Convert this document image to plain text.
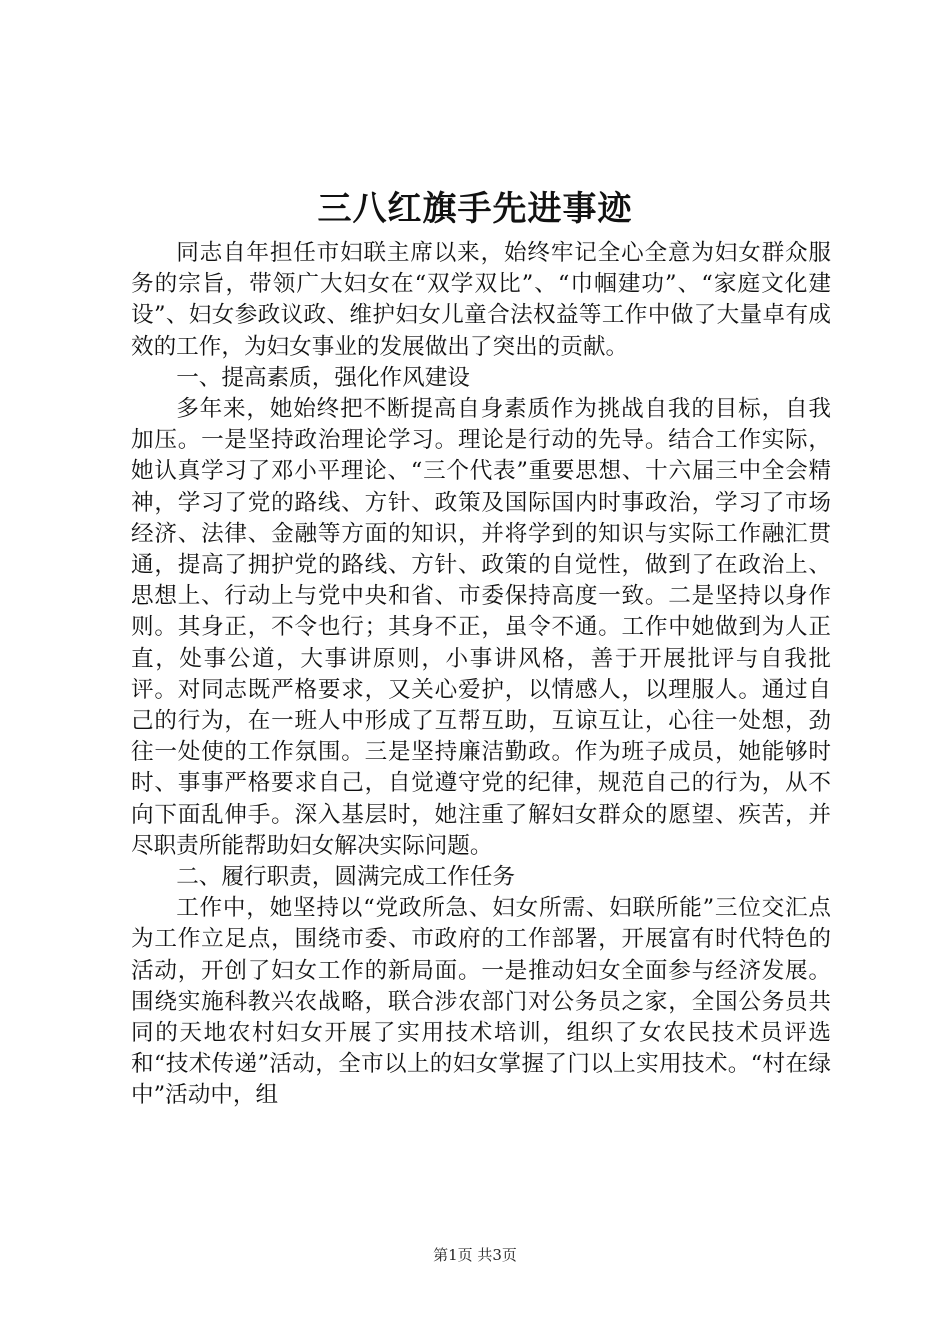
三八红旗手先进事迹

同志自年担任市妇联主席以来，始终牢记全心全意为妇女群众服务的宗旨，带领广大妇女在“双学双比”、“巾帼建功”、“家庭文化建设”、妇女参政议政、维护妇女儿童合法权益等工作中做了大量卓有成效的工作，为妇女事业的发展做出了突出的贡献。

一、提高素质，强化作风建设

多年来，她始终把不断提高自身素质作为挑战自我的目标，自我加压。一是坚持政治理论学习。理论是行动的先导。结合工作实际，她认真学习了邓小平理论、“三个代表”重要思想、十六届三中全会精神，学习了党的路线、方针、政策及国际国内时事政治，学习了市场经济、法律、金融等方面的知识，并将学到的知识与实际工作融汇贯通，提高了拥护党的路线、方针、政策的自觉性，做到了在政治上、思想上、行动上与党中央和省、市委保持高度一致。二是坚持以身作则。其身正，不令也行；其身不正，虽令不通。工作中她做到为人正直，处事公道，大事讲原则，小事讲风格，善于开展批评与自我批评。对同志既严格要求，又关心爱护，以情感人，以理服人。通过自己的行为，在一班人中形成了互帮互助，互谅互让，心往一处想，劲往一处使的工作氛围。三是坚持廉洁勤政。作为班子成员，她能够时时、事事严格要求自己，自觉遵守党的纪律，规范自己的行为，从不向下面乱伸手。深入基层时，她注重了解妇女群众的愿望、疾苦，并尽职责所能帮助妇女解决实际问题。

二、履行职责，圆满完成工作任务

工作中，她坚持以“党政所急、妇女所需、妇联所能”三位交汇点为工作立足点，围绕市委、市政府的工作部署，开展富有时代特色的活动，开创了妇女工作的新局面。一是推动妇女全面参与经济发展。围绕实施科教兴农战略，联合涉农部门对公务员之家，全国公务员共同的天地农村妇女开展了实用技术培训，组织了女农民技术员评选和“技术传递”活动，全市以上的妇女掌握了门以上实用技术。“村在绿中”活动中，组

第1页 共3页
